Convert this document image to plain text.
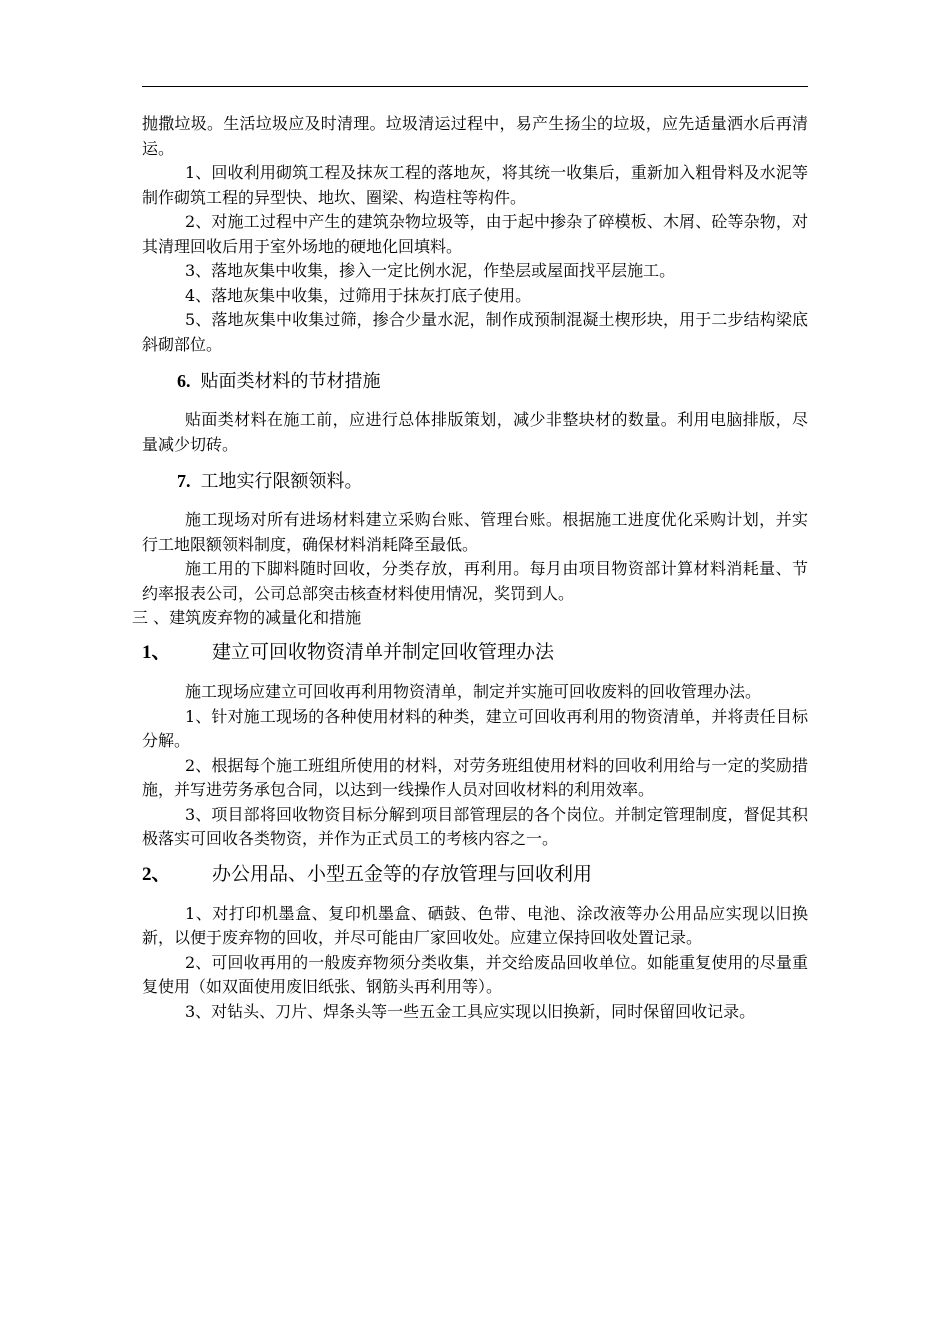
抛撒垃圾。生活垃圾应及时清理。垃圾清运过程中，易产生扬尘的垃圾，应先适量洒水后再清运。

1、回收利用砌筑工程及抹灰工程的落地灰，将其统一收集后，重新加入粗骨料及水泥等制作砌筑工程的异型快、地坎、圈梁、构造柱等构件。

2、对施工过程中产生的建筑杂物垃圾等，由于起中掺杂了碎模板、木屑、砼等杂物，对其清理回收后用于室外场地的硬地化回填料。

3、落地灰集中收集，掺入一定比例水泥，作垫层或屋面找平层施工。

4、落地灰集中收集，过筛用于抹灰打底子使用。

5、落地灰集中收集过筛，掺合少量水泥，制作成预制混凝土楔形块，用于二步结构梁底斜砌部位。

6. 贴面类材料的节材措施

贴面类材料在施工前，应进行总体排版策划，减少非整块材的数量。利用电脑排版，尽量减少切砖。

7. 工地实行限额领料。

施工现场对所有进场材料建立采购台账、管理台账。根据施工进度优化采购计划，并实行工地限额领料制度，确保材料消耗降至最低。

施工用的下脚料随时回收，分类存放，再利用。每月由项目物资部计算材料消耗量、节约率报表公司，公司总部突击核查材料使用情况，奖罚到人。

三 、建筑废弃物的减量化和措施
1、 建立可回收物资清单并制定回收管理办法

施工现场应建立可回收再利用物资清单，制定并实施可回收废料的回收管理办法。

1、针对施工现场的各种使用材料的种类，建立可回收再利用的物资清单，并将责任目标分解。

2、根据每个施工班组所使用的材料，对劳务班组使用材料的回收利用给与一定的奖励措施，并写进劳务承包合同，以达到一线操作人员对回收材料的利用效率。

3、项目部将回收物资目标分解到项目部管理层的各个岗位。并制定管理制度，督促其积极落实可回收各类物资，并作为正式员工的考核内容之一。

2、 办公用品、小型五金等的存放管理与回收利用

1、对打印机墨盒、复印机墨盒、硒鼓、色带、电池、涂改液等办公用品应实现以旧换新，以便于废弃物的回收，并尽可能由厂家回收处。应建立保持回收处置记录。

2、可回收再用的一般废弃物须分类收集，并交给废品回收单位。如能重复使用的尽量重复使用（如双面使用废旧纸张、钢筋头再利用等）。

3、对钻头、刀片、焊条头等一些五金工具应实现以旧换新，同时保留回收记录。
